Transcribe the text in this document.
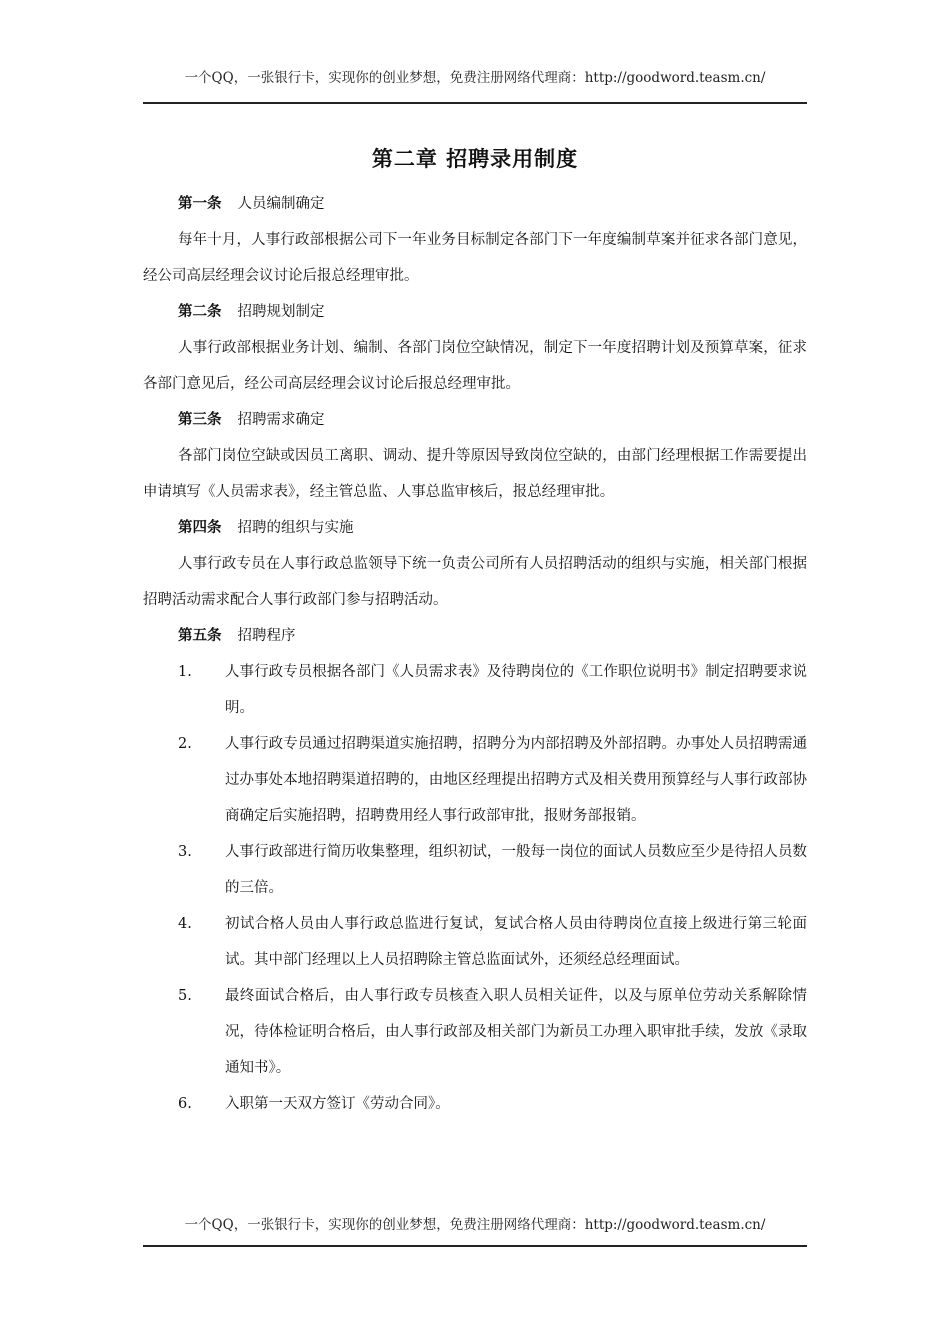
一个QQ，一张银行卡，实现你的创业梦想，免费注册网络代理商：http://goodword.teasm.cn/
第二章 招聘录用制度
第一条 人员编制确定
每年十月，人事行政部根据公司下一年业务目标制定各部门下一年度编制草案并征求各部门意见，经公司高层经理会议讨论后报总经理审批。
第二条 招聘规划制定
人事行政部根据业务计划、编制、各部门岗位空缺情况，制定下一年度招聘计划及预算草案，征求各部门意见后，经公司高层经理会议讨论后报总经理审批。
第三条 招聘需求确定
各部门岗位空缺或因员工离职、调动、提升等原因导致岗位空缺的，由部门经理根据工作需要提出申请填写《人员需求表》，经主管总监、人事总监审核后，报总经理审批。
第四条 招聘的组织与实施
人事行政专员在人事行政总监领导下统一负责公司所有人员招聘活动的组织与实施，相关部门根据招聘活动需求配合人事行政部门参与招聘活动。
第五条 招聘程序
1. 人事行政专员根据各部门《人员需求表》及待聘岗位的《工作职位说明书》制定招聘要求说明。
2. 人事行政专员通过招聘渠道实施招聘，招聘分为内部招聘及外部招聘。办事处人员招聘需通过办事处本地招聘渠道招聘的，由地区经理提出招聘方式及相关费用预算经与人事行政部协商确定后实施招聘，招聘费用经人事行政部审批，报财务部报销。
3. 人事行政部进行简历收集整理，组织初试，一般每一岗位的面试人员数应至少是待招人员数的三倍。
4. 初试合格人员由人事行政总监进行复试，复试合格人员由待聘岗位直接上级进行第三轮面试。其中部门经理以上人员招聘除主管总监面试外，还须经总经理面试。
5. 最终面试合格后，由人事行政专员核查入职人员相关证件，以及与原单位劳动关系解除情况，待体检证明合格后，由人事行政部及相关部门为新员工办理入职审批手续，发放《录取通知书》。
6. 入职第一天双方签订《劳动合同》。
一个QQ，一张银行卡，实现你的创业梦想，免费注册网络代理商：http://goodword.teasm.cn/
